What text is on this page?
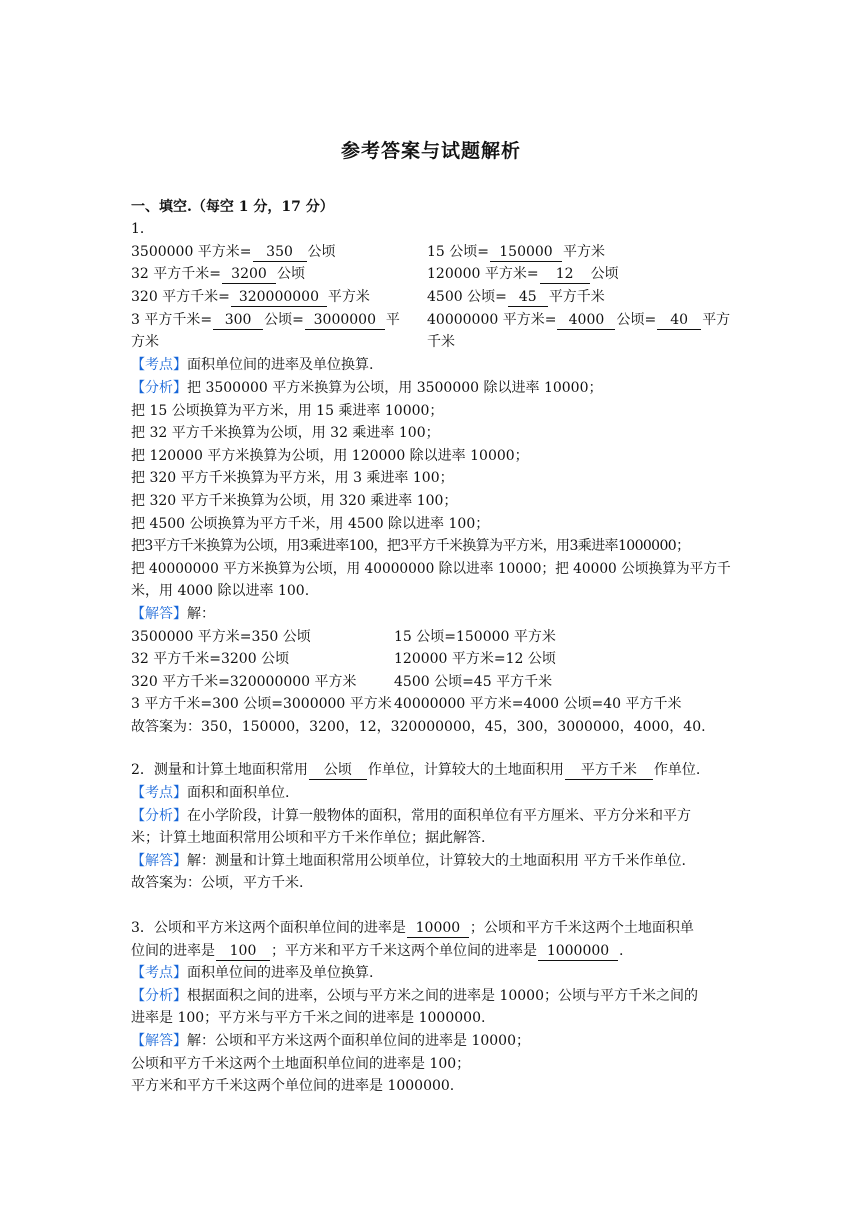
参考答案与试题解析
一、填空.（每空 1 分，17 分）
1．
3500000 平方米= 350 公顷
32 平方千米= 3200 公顷
320 平方千米= 320000000 平方米
3 平方千米= 300 公顷= 3000000 平
方米
15 公顷= 150000 平方米
120000 平方米= 12 公顷
4500 公顷= 45 平方千米
40000000 平方米= 4000 公顷= 40 平方
千米
【考点】面积单位间的进率及单位换算.
【分析】把 3500000 平方米换算为公顷，用 3500000 除以进率 10000；
把 15 公顷换算为平方米，用 15 乘进率 10000；
把 32 平方千米换算为公顷，用 32 乘进率 100；
把 120000 平方米换算为公顷，用 120000 除以进率 10000；
把 320 平方千米换算为平方米，用 3 乘进率 100；
把 320 平方千米换算为公顷，用 320 乘进率 100；
把 4500 公顷换算为平方千米，用 4500 除以进率 100；
把3平方千米换算为公顷，用3乘进率100，把3平方千米换算为平方米，用3乘进率1000000；
把 40000000 平方米换算为公顷，用 40000000 除以进率 10000；把 40000 公顷换算为平方千
米，用 4000 除以进率 100.
【解答】解：
3500000 平方米=350 公顷
32 平方千米=3200 公顷
320 平方千米=320000000 平方米
3 平方千米=300 公顷=3000000 平方米
15 公顷=150000 平方米
120000 平方米=12 公顷
4500 公顷=45 平方千米
40000000 平方米=4000 公顷=40 平方千米
故答案为：350，150000，3200，12，320000000，45，300，3000000，4000，40.
2．测量和计算土地面积常用 公顷 作单位，计算较大的土地面积用 平方千米 作单位.
【考点】面积和面积单位.
【分析】在小学阶段，计算一般物体的面积，常用的面积单位有平方厘米、平方分米和平方
米；计算土地面积常用公顷和平方千米作单位；据此解答.
【解答】解：测量和计算土地面积常用公顷单位，计算较大的土地面积用 平方千米作单位.
故答案为：公顷，平方千米.
3．公顷和平方米这两个面积单位间的进率是 10000 ；公顷和平方千米这两个土地面积单
位间的进率是 100 ；平方米和平方千米这两个单位间的进率是 1000000 .
【考点】面积单位间的进率及单位换算.
【分析】根据面积之间的进率，公顷与平方米之间的进率是 10000；公顷与平方千米之间的
进率是 100；平方米与平方千米之间的进率是 1000000.
【解答】解：公顷和平方米这两个面积单位间的进率是 10000；
公顷和平方千米这两个土地面积单位间的进率是 100；
平方米和平方千米这两个单位间的进率是 1000000.
